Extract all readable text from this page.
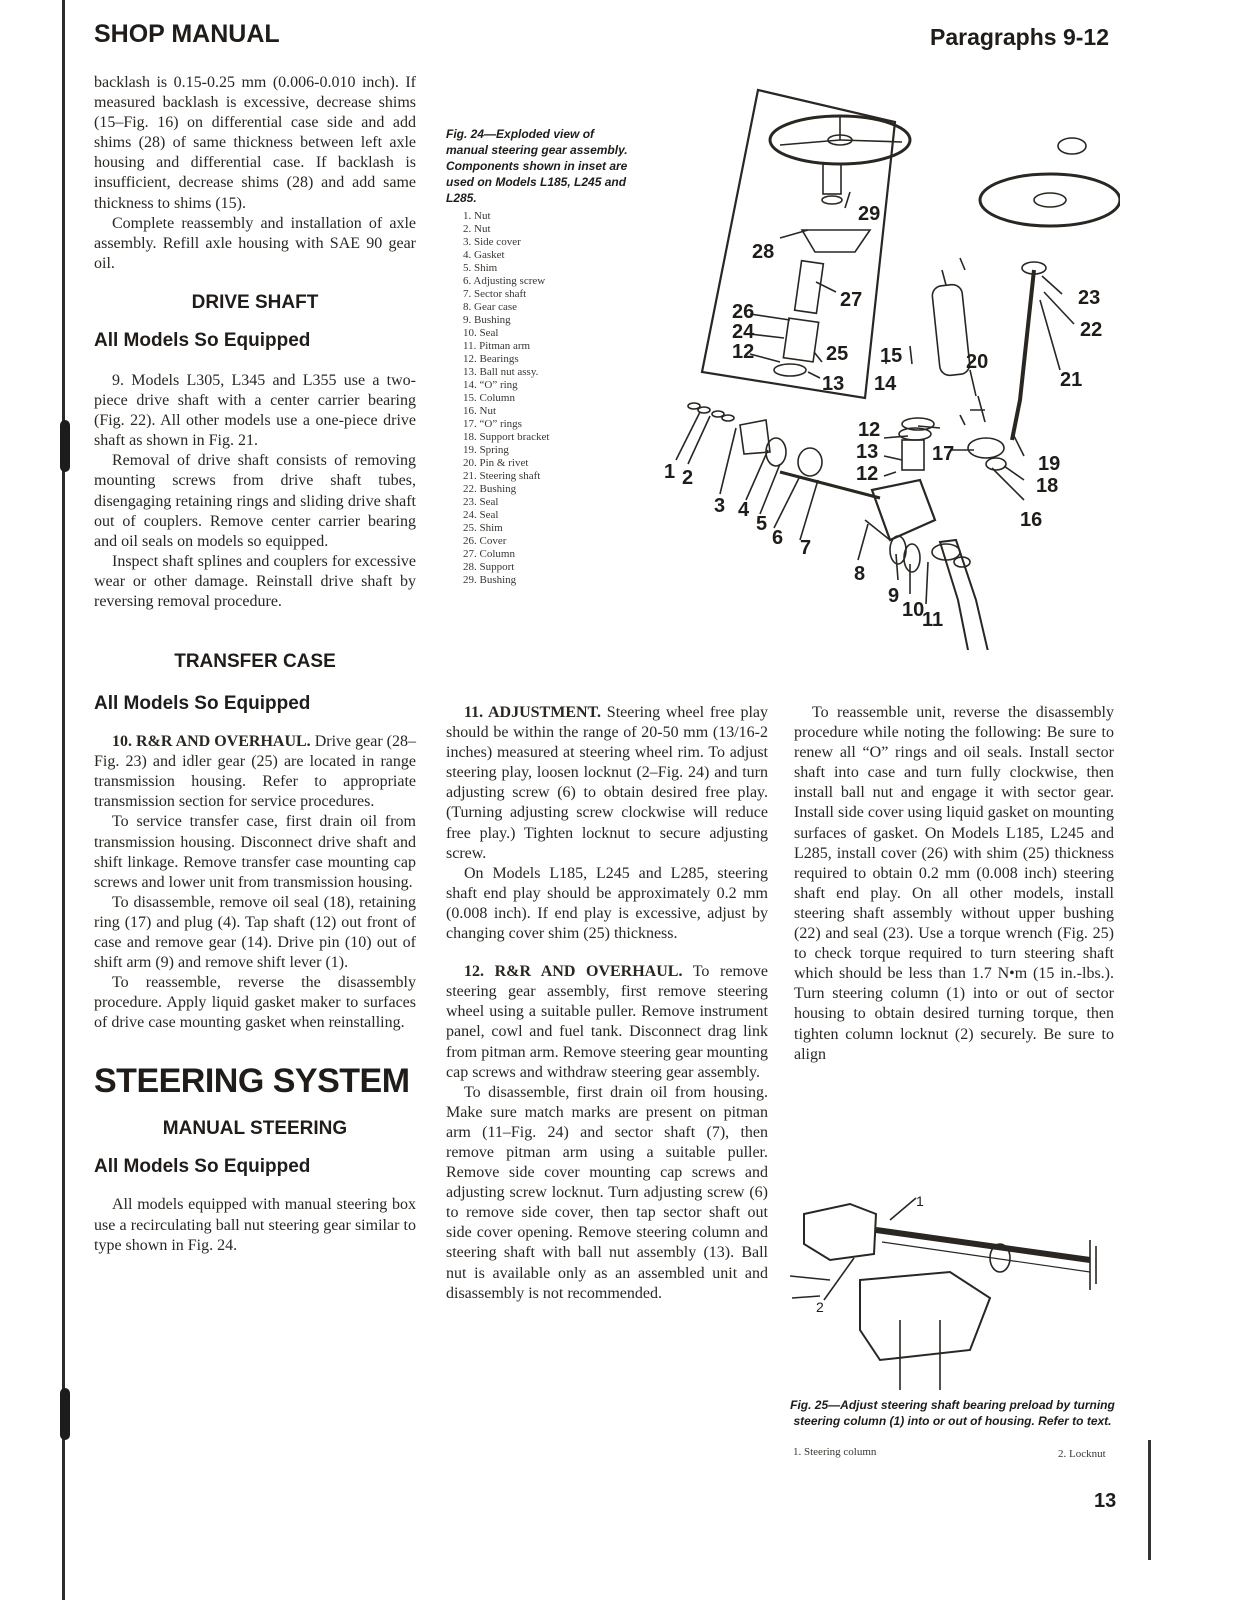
SHOP MANUAL	Paragraphs 9-12

backlash is 0.15-0.25 mm (0.006-0.010 inch). If measured backlash is excessive, decrease shims (15–Fig. 16) on differential case side and add shims (28) of same thickness between left axle housing and differential case. If backlash is insufficient, decrease shims (28) and add same thickness to shims (15).

Complete reassembly and installation of axle assembly. Refill axle housing with SAE 90 gear oil.

DRIVE SHAFT
All Models So Equipped

9. Models L305, L345 and L355 use a two-piece drive shaft with a center carrier bearing (Fig. 22). All other models use a one-piece drive shaft as shown in Fig. 21.

Removal of drive shaft consists of removing mounting screws from drive shaft tubes, disengaging retaining rings and sliding drive shaft out of couplers. Remove center carrier bearing and oil seals on models so equipped.

Inspect shaft splines and couplers for excessive wear or other damage. Reinstall drive shaft by reversing removal procedure.

TRANSFER CASE
All Models So Equipped

10. R&R AND OVERHAUL. Drive gear (28–Fig. 23) and idler gear (25) are located in range transmission housing. Refer to appropriate transmission section for service procedures.

To service transfer case, first drain oil from transmission housing. Disconnect drive shaft and shift linkage. Remove transfer case mounting cap screws and lower unit from transmission housing.

To disassemble, remove oil seal (18), retaining ring (17) and plug (4). Tap shaft (12) out front of case and remove gear (14). Drive pin (10) out of shift arm (9) and remove shift lever (1).

To reassemble, reverse the disassembly procedure. Apply liquid gasket maker to surfaces of drive case mounting gasket when reinstalling.

STEERING SYSTEM
MANUAL STEERING
All Models So Equipped

All models equipped with manual steering box use a recirculating ball nut steering gear similar to type shown in Fig. 24.

Fig. 24—Exploded view of manual steering gear assembly. Components shown in inset are used on Models L185, L245 and L285.
1. Nut
2. Nut
3. Side cover
4. Gasket
5. Shim
6. Adjusting screw
7. Sector shaft
8. Gear case
9. Bushing
10. Seal
11. Pitman arm
12. Bearings
13. Ball nut assy.
14. “O” ring
15. Column
16. Nut
17. “O” rings
18. Support bracket
19. Spring
20. Pin & rivet
21. Steering shaft
22. Bushing
23. Seal
24. Seal
25. Shim
26. Cover
27. Column
28. Support
29. Bushing
29
28
27
26
24
12	25
13
15
14
20
23
22
21
12
13
12
17	19
18
16
1 2
3 4
5
6 7
8
9
10
11

11. ADJUSTMENT. Steering wheel free play should be within the range of 20-50 mm (13/16-2 inches) measured at steering wheel rim. To adjust steering play, loosen locknut (2–Fig. 24) and turn adjusting screw (6) to obtain desired free play. (Turning adjusting screw clockwise will reduce free play.) Tighten locknut to secure adjusting screw.

On Models L185, L245 and L285, steering shaft end play should be approximately 0.2 mm (0.008 inch). If end play is excessive, adjust by changing cover shim (25) thickness.

12. R&R AND OVERHAUL. To remove steering gear assembly, first remove steering wheel using a suitable puller. Remove instrument panel, cowl and fuel tank. Disconnect drag link from pitman arm. Remove steering gear mounting cap screws and withdraw steering gear assembly.

To disassemble, first drain oil from housing. Make sure match marks are present on pitman arm (11–Fig. 24) and sector shaft (7), then remove pitman arm using a suitable puller. Remove side cover mounting cap screws and adjusting screw locknut. Turn adjusting screw (6) to remove side cover, then tap sector shaft out side cover opening. Remove steering column and steering shaft with ball nut assembly (13). Ball nut is available only as an assembled unit and disassembly is not recommended.

To reassemble unit, reverse the disassembly procedure while noting the following: Be sure to renew all “O” rings and oil seals. Install sector shaft into case and turn fully clockwise, then install ball nut and engage it with sector gear. Install side cover using liquid gasket on mounting surfaces of gasket. On Models L185, L245 and L285, install cover (26) with shim (25) thickness required to obtain 0.2 mm (0.008 inch) steering shaft end play. On all other models, install steering shaft assembly without upper bushing (22) and seal (23). Use a torque wrench (Fig. 25) to check torque required to turn steering shaft which should be less than 1.7 N•m (15 in.-lbs.). Turn steering column (1) into or out of sector housing to obtain desired turning torque, then tighten column locknut (2) securely. Be sure to align

1
2
Fig. 25—Adjust steering shaft bearing preload by turning steering column (1) into or out of housing. Refer to text.
1. Steering column	2. Locknut
13
